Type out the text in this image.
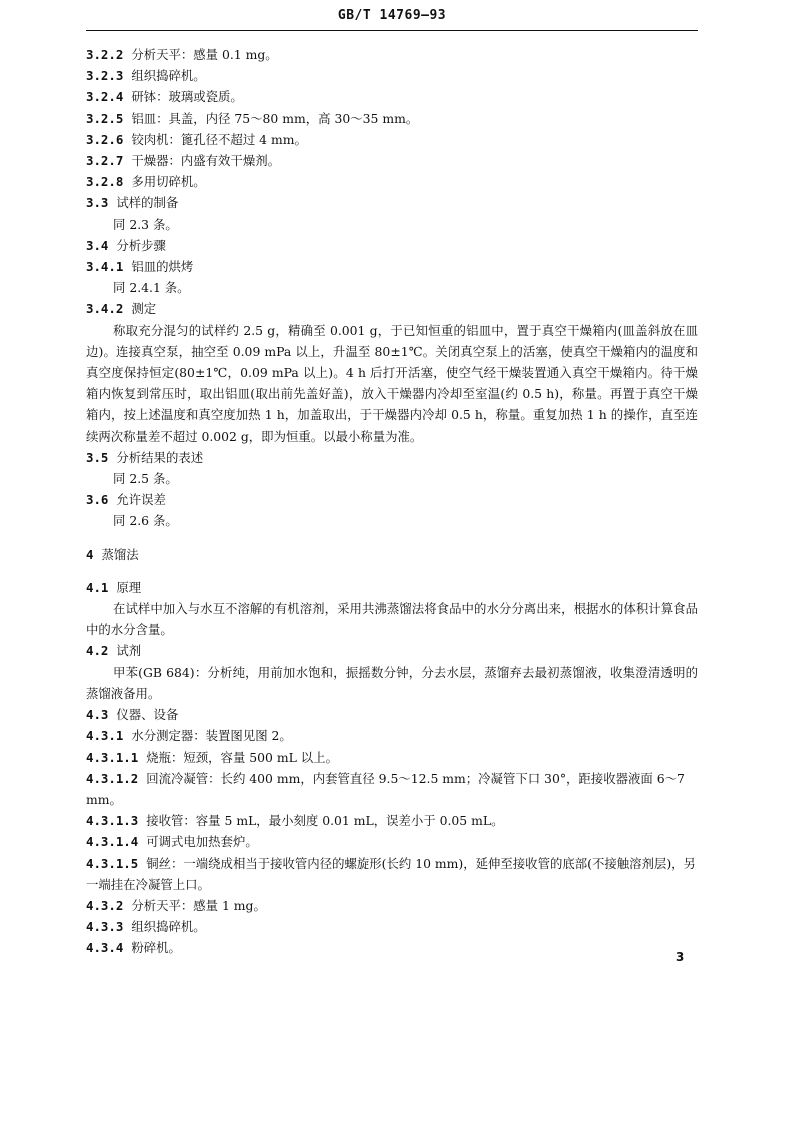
GB/T 14769—93

3.2.2 分析天平：感量 0.1 mg。

3.2.3 组织捣碎机。

3.2.4 研钵：玻璃或瓷质。

3.2.5 铝皿：具盖，内径 75～80 mm，高 30～35 mm。

3.2.6 铰肉机：篦孔径不超过 4 mm。

3.2.7 干燥器：内盛有效干燥剂。

3.2.8 多用切碎机。

3.3 试样的制备

同 2.3 条。

3.4 分析步骤

3.4.1 铝皿的烘烤

同 2.4.1 条。

3.4.2 测定

称取充分混匀的试样约 2.5 g，精确至 0.001 g，于已知恒重的铝皿中，置于真空干燥箱内(皿盖斜放在皿边)。连接真空泵，抽空至 0.09 mPa 以上，升温至 80±1℃。关闭真空泵上的活塞，使真空干燥箱内的温度和真空度保持恒定(80±1℃，0.09 mPa 以上)。4 h 后打开活塞，使空气经干燥装置通入真空干燥箱内。待干燥箱内恢复到常压时，取出铝皿(取出前先盖好盖)，放入干燥器内冷却至室温(约 0.5 h)，称量。再置于真空干燥箱内，按上述温度和真空度加热 1 h，加盖取出，于干燥器内冷却 0.5 h，称量。重复加热 1 h 的操作，直至连续两次称量差不超过 0.002 g，即为恒重。以最小称量为准。

3.5 分析结果的表述

同 2.5 条。

3.6 允许误差

同 2.6 条。

4 蒸馏法

4.1 原理

在试样中加入与水互不溶解的有机溶剂，采用共沸蒸馏法将食品中的水分分离出来，根据水的体积计算食品中的水分含量。

4.2 试剂

甲苯(GB 684)：分析纯，用前加水饱和，振摇数分钟，分去水层，蒸馏弃去最初蒸馏液，收集澄清透明的蒸馏液备用。

4.3 仪器、设备

4.3.1 水分测定器：装置图见图 2。

4.3.1.1 烧瓶：短颈，容量 500 mL 以上。

4.3.1.2 回流冷凝管：长约 400 mm，内套管直径 9.5～12.5 mm；冷凝管下口 30°，距接收器液面 6～7 mm。

4.3.1.3 接收管：容量 5 mL，最小刻度 0.01 mL，误差小于 0.05 mL。

4.3.1.4 可调式电加热套炉。

4.3.1.5 铜丝：一端绕成相当于接收管内径的螺旋形(长约 10 mm)，延伸至接收管的底部(不接触溶剂层)，另一端挂在冷凝管上口。

4.3.2 分析天平：感量 1 mg。

4.3.3 组织捣碎机。

4.3.4 粉碎机。

3
